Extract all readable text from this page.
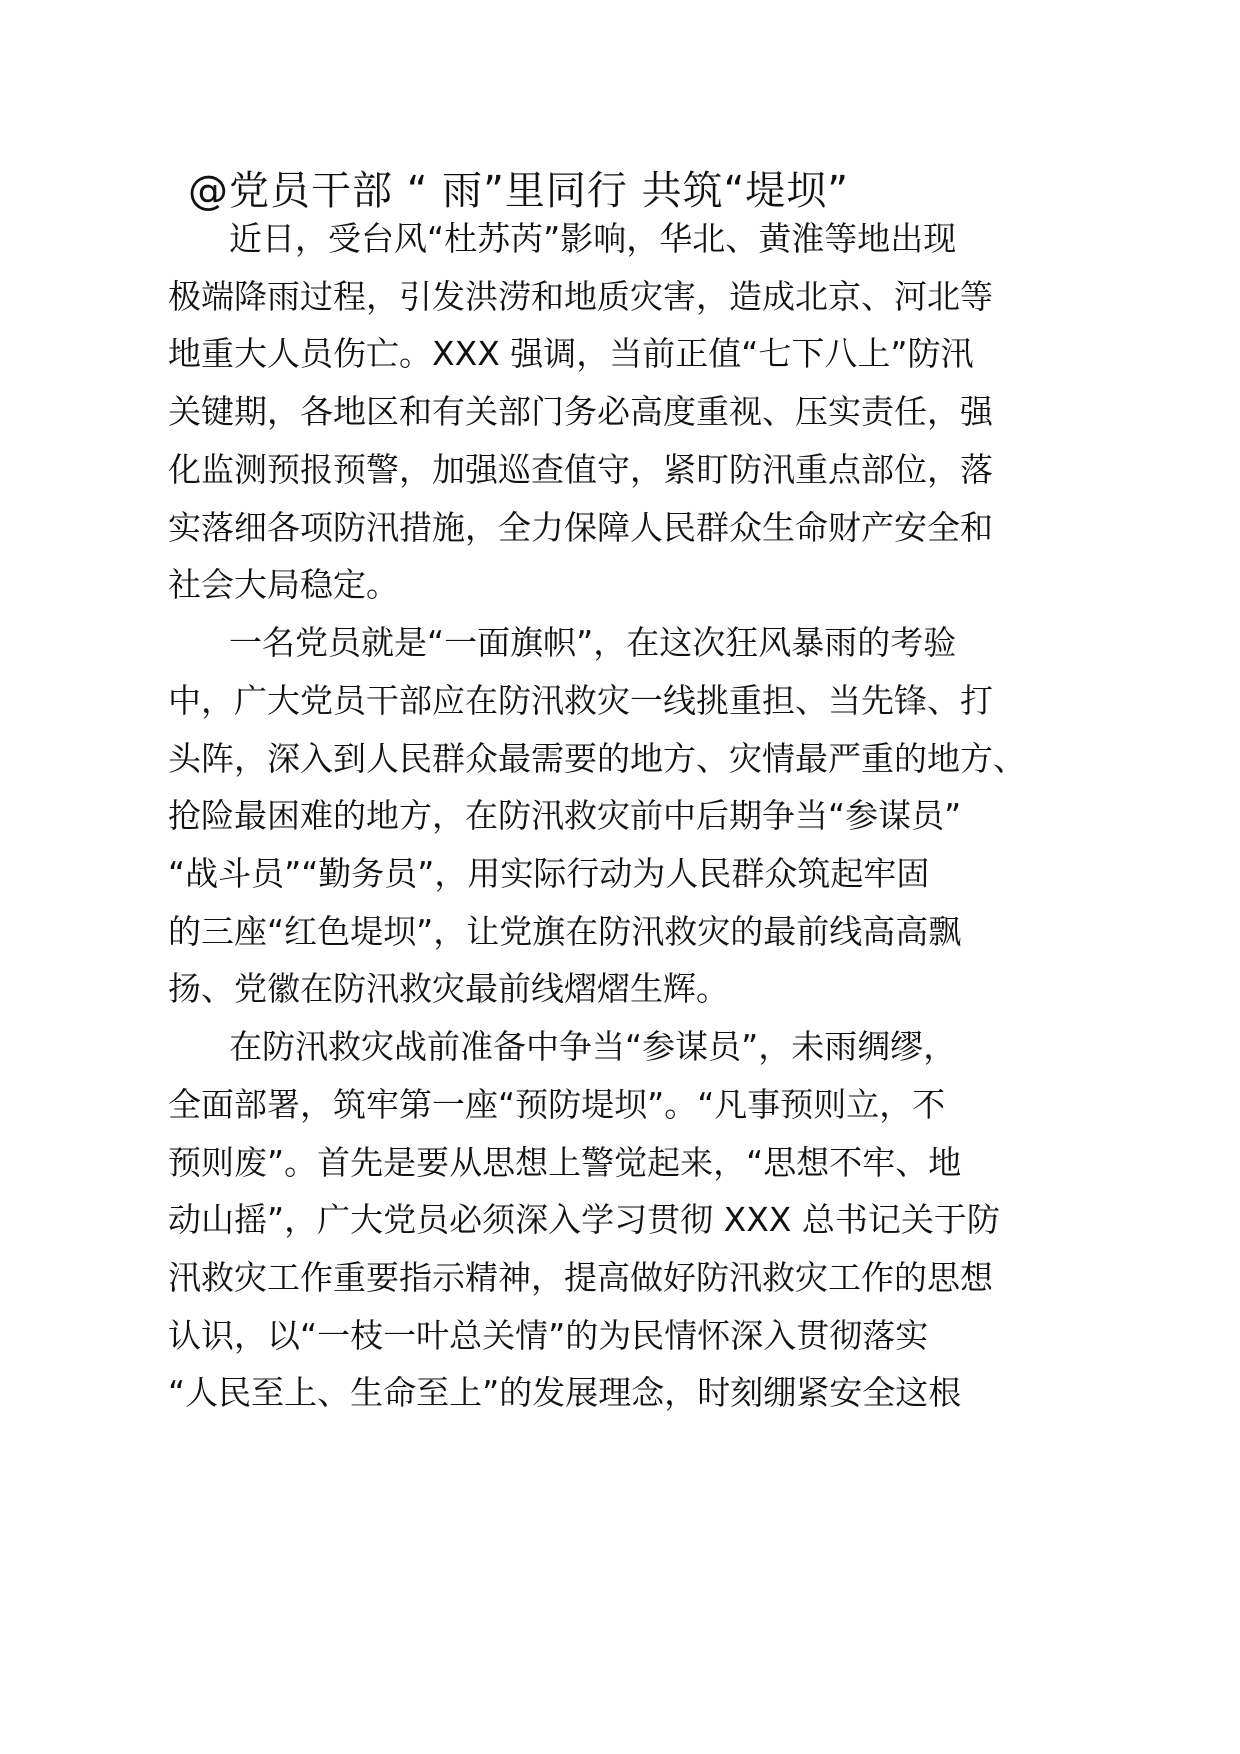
@党员干部 “ 雨”里同行 共筑“堤坝”
近日，受台风“杜苏芮”影响，华北、黄淮等地出现
极端降雨过程，引发洪涝和地质灾害，造成北京、河北等
地重大人员伤亡。XXX 强调，当前正值“七下八上”防汛
关键期，各地区和有关部门务必高度重视、压实责任，强
化监测预报预警，加强巡查值守，紧盯防汛重点部位，落
实落细各项防汛措施，全力保障人民群众生命财产安全和
社会大局稳定。
一名党员就是“一面旗帜”，在这次狂风暴雨的考验
中，广大党员干部应在防汛救灾一线挑重担、当先锋、打
头阵，深入到人民群众最需要的地方、灾情最严重的地方、
抢险最困难的地方，在防汛救灾前中后期争当“参谋员”
“战斗员”“勤务员”，用实际行动为人民群众筑起牢固
的三座“红色堤坝”，让党旗在防汛救灾的最前线高高飘
扬、党徽在防汛救灾最前线熠熠生辉。
在防汛救灾战前准备中争当“参谋员”，未雨绸缪，
全面部署，筑牢第一座“预防堤坝”。“凡事预则立，不
预则废”。首先是要从思想上警觉起来，“思想不牢、地
动山摇”，广大党员必须深入学习贯彻 XXX 总书记关于防
汛救灾工作重要指示精神，提高做好防汛救灾工作的思想
认识，以“一枝一叶总关情”的为民情怀深入贯彻落实
“人民至上、生命至上”的发展理念，时刻绷紧安全这根
